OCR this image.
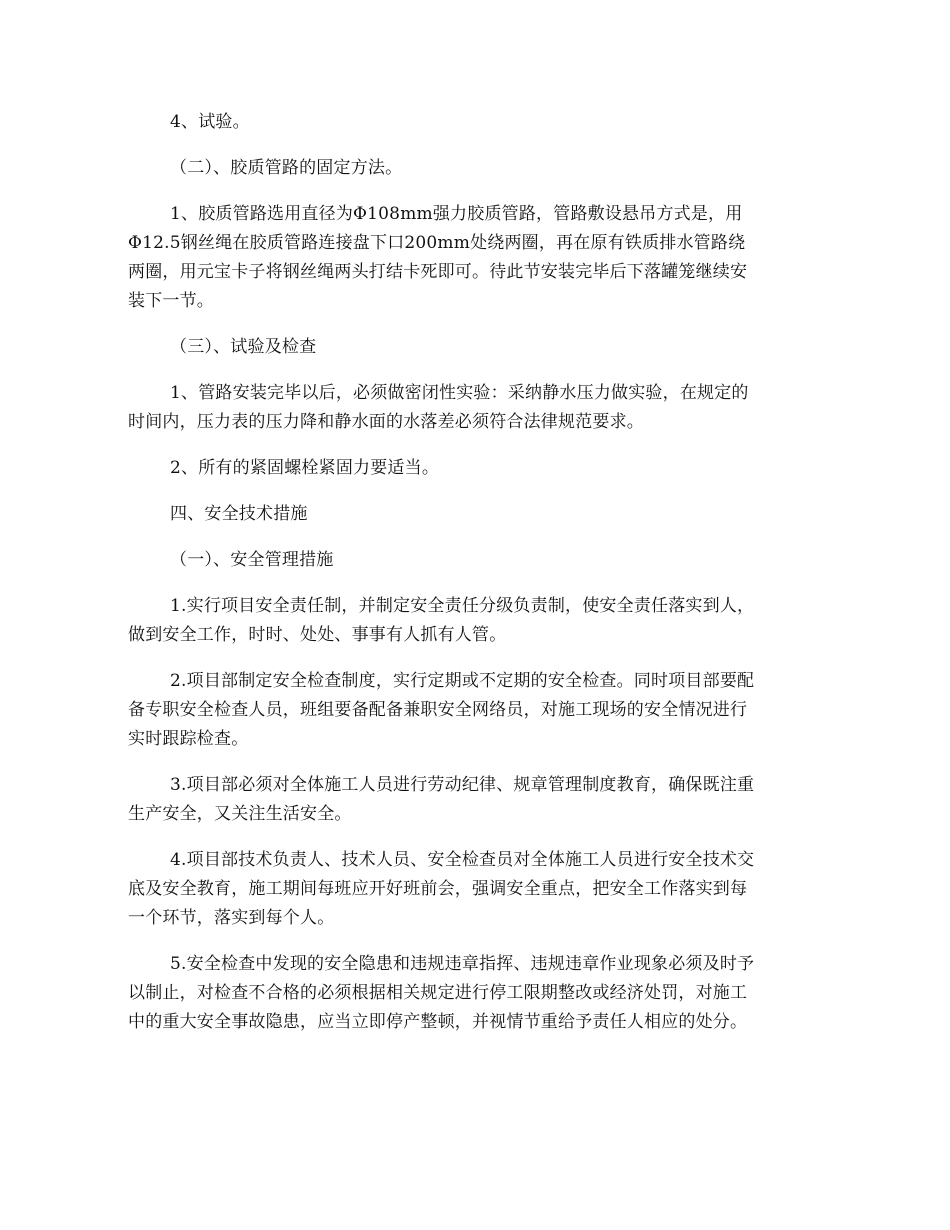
4、试验。
（二）、胶质管路的固定方法。
1、胶质管路选用直径为Φ108mm强力胶质管路，管路敷设悬吊方式是，用
Φ12.5钢丝绳在胶质管路连接盘下口200mm处绕两圈，再在原有铁质排水管路绕
两圈，用元宝卡子将钢丝绳两头打结卡死即可。待此节安装完毕后下落罐笼继续安
装下一节。
（三）、试验及检查
1、管路安装完毕以后，必须做密闭性实验：采纳静水压力做实验，在规定的
时间内，压力表的压力降和静水面的水落差必须符合法律规范要求。
2、所有的紧固螺栓紧固力要适当。
四、安全技术措施
（一）、安全管理措施
1.实行项目安全责任制，并制定安全责任分级负责制，使安全责任落实到人，
做到安全工作，时时、处处、事事有人抓有人管。
2.项目部制定安全检查制度，实行定期或不定期的安全检查。同时项目部要配
备专职安全检查人员，班组要备配备兼职安全网络员，对施工现场的安全情况进行
实时跟踪检查。
3.项目部必须对全体施工人员进行劳动纪律、规章管理制度教育，确保既注重
生产安全，又关注生活安全。
4.项目部技术负责人、技术人员、安全检查员对全体施工人员进行安全技术交
底及安全教育，施工期间每班应开好班前会，强调安全重点，把安全工作落实到每
一个环节，落实到每个人。
5.安全检查中发现的安全隐患和违规违章指挥、违规违章作业现象必须及时予
以制止，对检查不合格的必须根据相关规定进行停工限期整改或经济处罚，对施工
中的重大安全事故隐患，应当立即停产整顿，并视情节重给予责任人相应的处分。
